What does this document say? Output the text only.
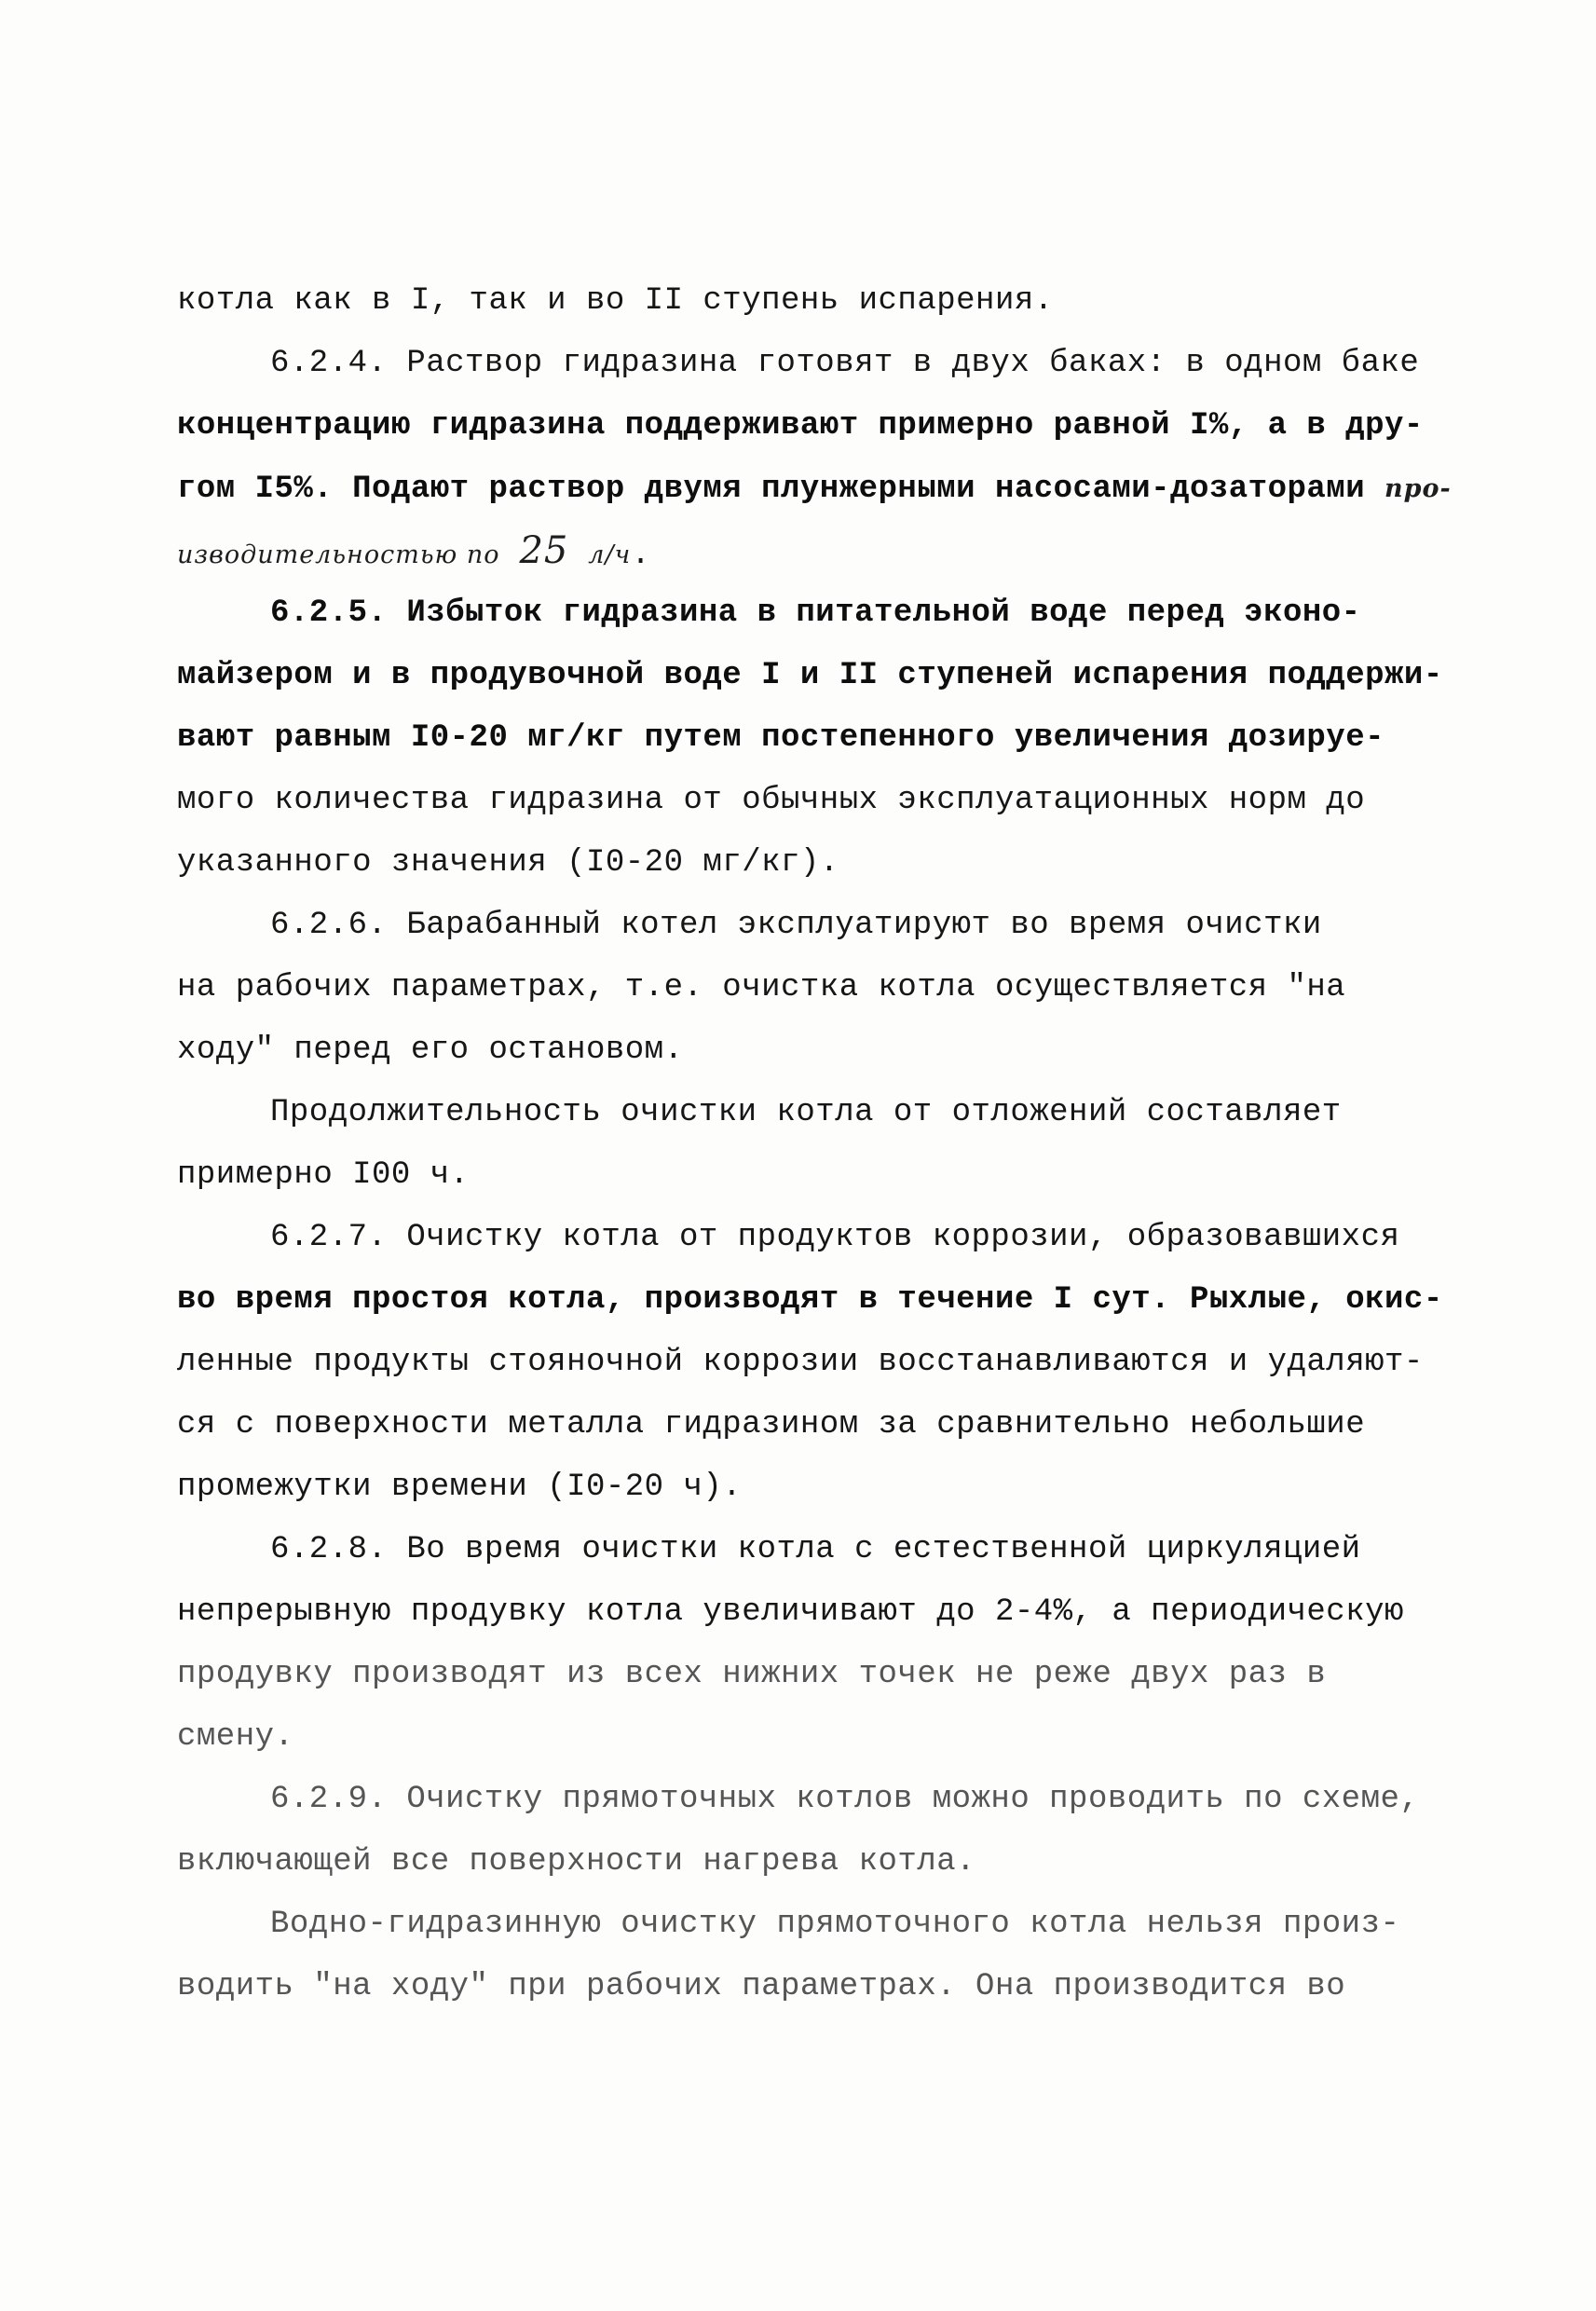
котла как в I, так и во II ступень испарения.
6.2.4. Раствор гидразина готовят в двух баках: в одном баке
концентрацию гидразина поддерживают примерно равной I%, а в дру-
гом I5%. Подают раствор двумя плунжерными насосами-дозаторами про-
изводительностью по 25 л/ч.
6.2.5. Избыток гидразина в питательной воде перед эконо-
майзером и в продувочной воде I и II ступеней испарения поддержи-
вают равным I0-20 мг/кг путем постепенного увеличения дозируе-
мого количества гидразина от обычных эксплуатационных норм до
указанного значения (I0-20 мг/кг).
6.2.6. Барабанный котел эксплуатируют во время очистки
на рабочих параметрах, т.е. очистка котла осуществляется "на
ходу" перед его остановом.
Продолжительность очистки котла от отложений составляет
примерно I00 ч.
6.2.7. Очистку котла от продуктов коррозии, образовавшихся
во время простоя котла, производят в течение I сут. Рыхлые, окис-
ленные продукты стояночной коррозии восстанавливаются и удаляют-
ся с поверхности металла гидразином за сравнительно небольшие
промежутки времени (I0-20 ч).
6.2.8. Во время очистки котла с естественной циркуляцией
непрерывную продувку котла увеличивают до 2-4%, а периодическую
продувку производят из всех нижних точек не реже двух раз в
смену.
6.2.9. Очистку прямоточных котлов можно проводить по схеме,
включающей все поверхности нагрева котла.
Водно-гидразинную очистку прямоточного котла нельзя произ-
водить "на ходу" при рабочих параметрах. Она производится во
